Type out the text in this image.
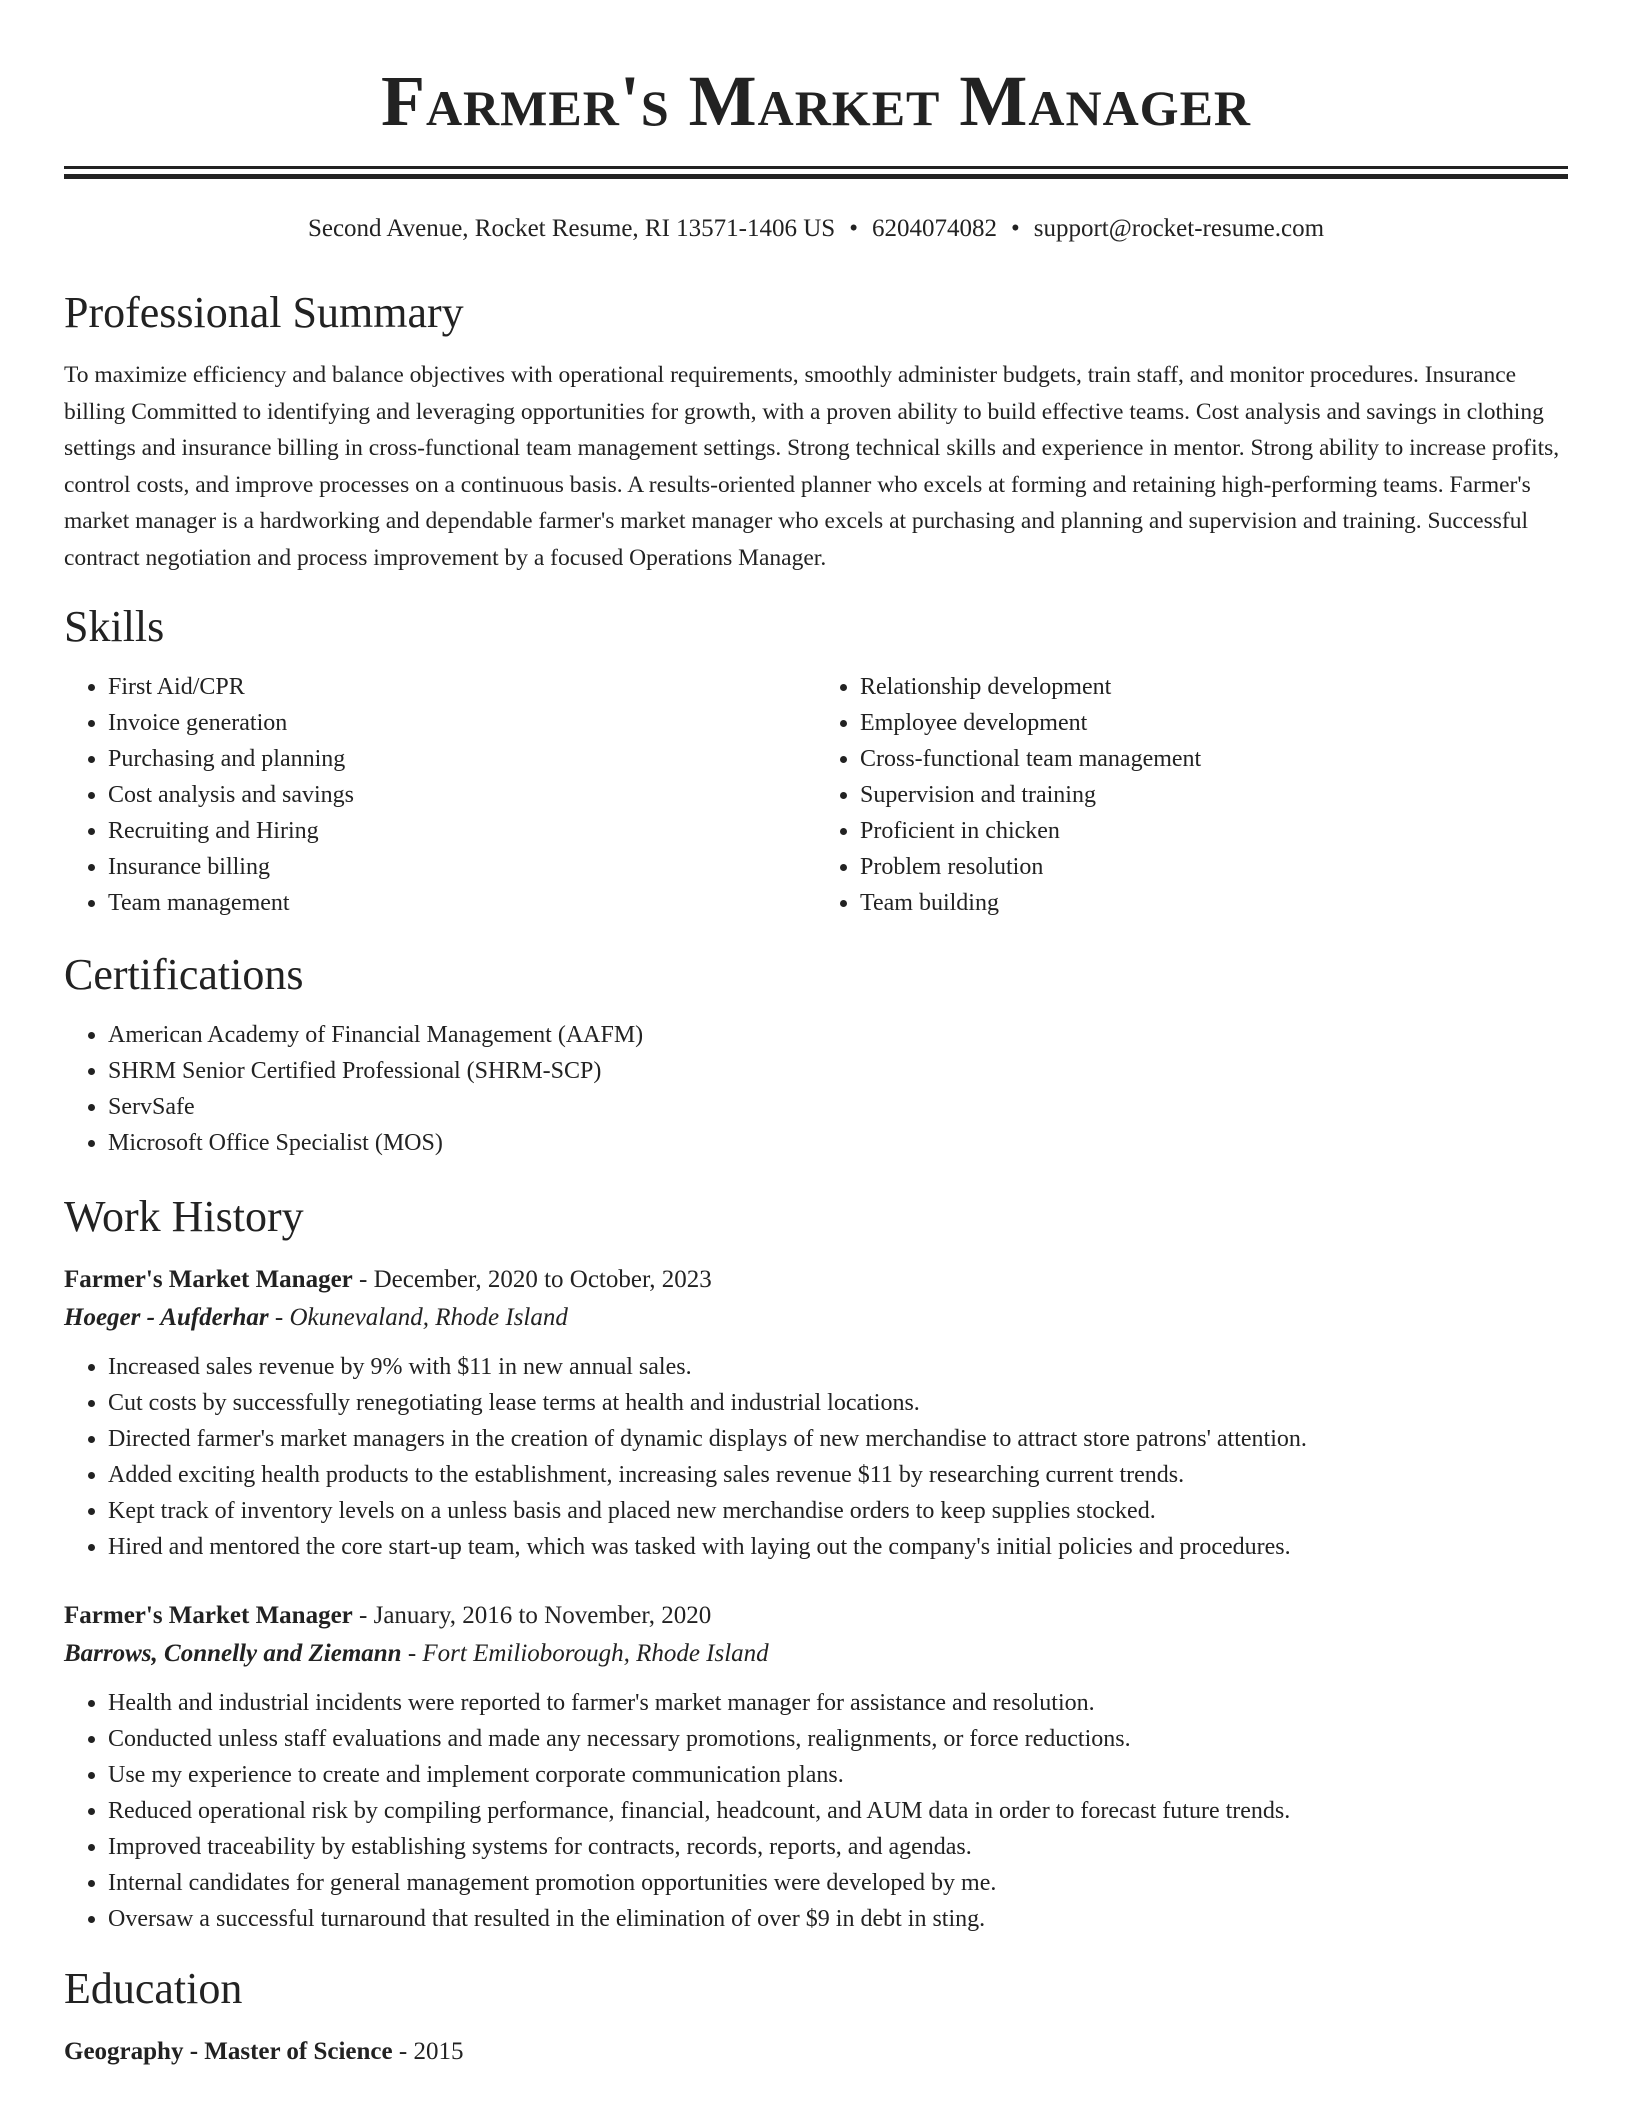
Farmer's Market Manager
Second Avenue, Rocket Resume, RI 13571-1406 US • 6204074082 • support@rocket-resume.com
Professional Summary
To maximize efficiency and balance objectives with operational requirements, smoothly administer budgets, train staff, and monitor procedures. Insurance billing Committed to identifying and leveraging opportunities for growth, with a proven ability to build effective teams. Cost analysis and savings in clothing settings and insurance billing in cross-functional team management settings. Strong technical skills and experience in mentor. Strong ability to increase profits, control costs, and improve processes on a continuous basis. A results-oriented planner who excels at forming and retaining high-performing teams. Farmer's market manager is a hardworking and dependable farmer's market manager who excels at purchasing and planning and supervision and training. Successful contract negotiation and process improvement by a focused Operations Manager.
Skills
• First Aid/CPR
• Invoice generation
• Purchasing and planning
• Cost analysis and savings
• Recruiting and Hiring
• Insurance billing
• Team management
• Relationship development
• Employee development
• Cross-functional team management
• Supervision and training
• Proficient in chicken
• Problem resolution
• Team building
Certifications
• American Academy of Financial Management (AAFM)
• SHRM Senior Certified Professional (SHRM-SCP)
• ServSafe
• Microsoft Office Specialist (MOS)
Work History
Farmer's Market Manager - December, 2020 to October, 2023
Hoeger - Aufderhar - Okunevaland, Rhode Island
• Increased sales revenue by 9% with $11 in new annual sales.
• Cut costs by successfully renegotiating lease terms at health and industrial locations.
• Directed farmer's market managers in the creation of dynamic displays of new merchandise to attract store patrons' attention.
• Added exciting health products to the establishment, increasing sales revenue $11 by researching current trends.
• Kept track of inventory levels on a unless basis and placed new merchandise orders to keep supplies stocked.
• Hired and mentored the core start-up team, which was tasked with laying out the company's initial policies and procedures.
Farmer's Market Manager - January, 2016 to November, 2020
Barrows, Connelly and Ziemann - Fort Emilioborough, Rhode Island
• Health and industrial incidents were reported to farmer's market manager for assistance and resolution.
• Conducted unless staff evaluations and made any necessary promotions, realignments, or force reductions.
• Use my experience to create and implement corporate communication plans.
• Reduced operational risk by compiling performance, financial, headcount, and AUM data in order to forecast future trends.
• Improved traceability by establishing systems for contracts, records, reports, and agendas.
• Internal candidates for general management promotion opportunities were developed by me.
• Oversaw a successful turnaround that resulted in the elimination of over $9 in debt in sting.
Education
Geography - Master of Science - 2015
